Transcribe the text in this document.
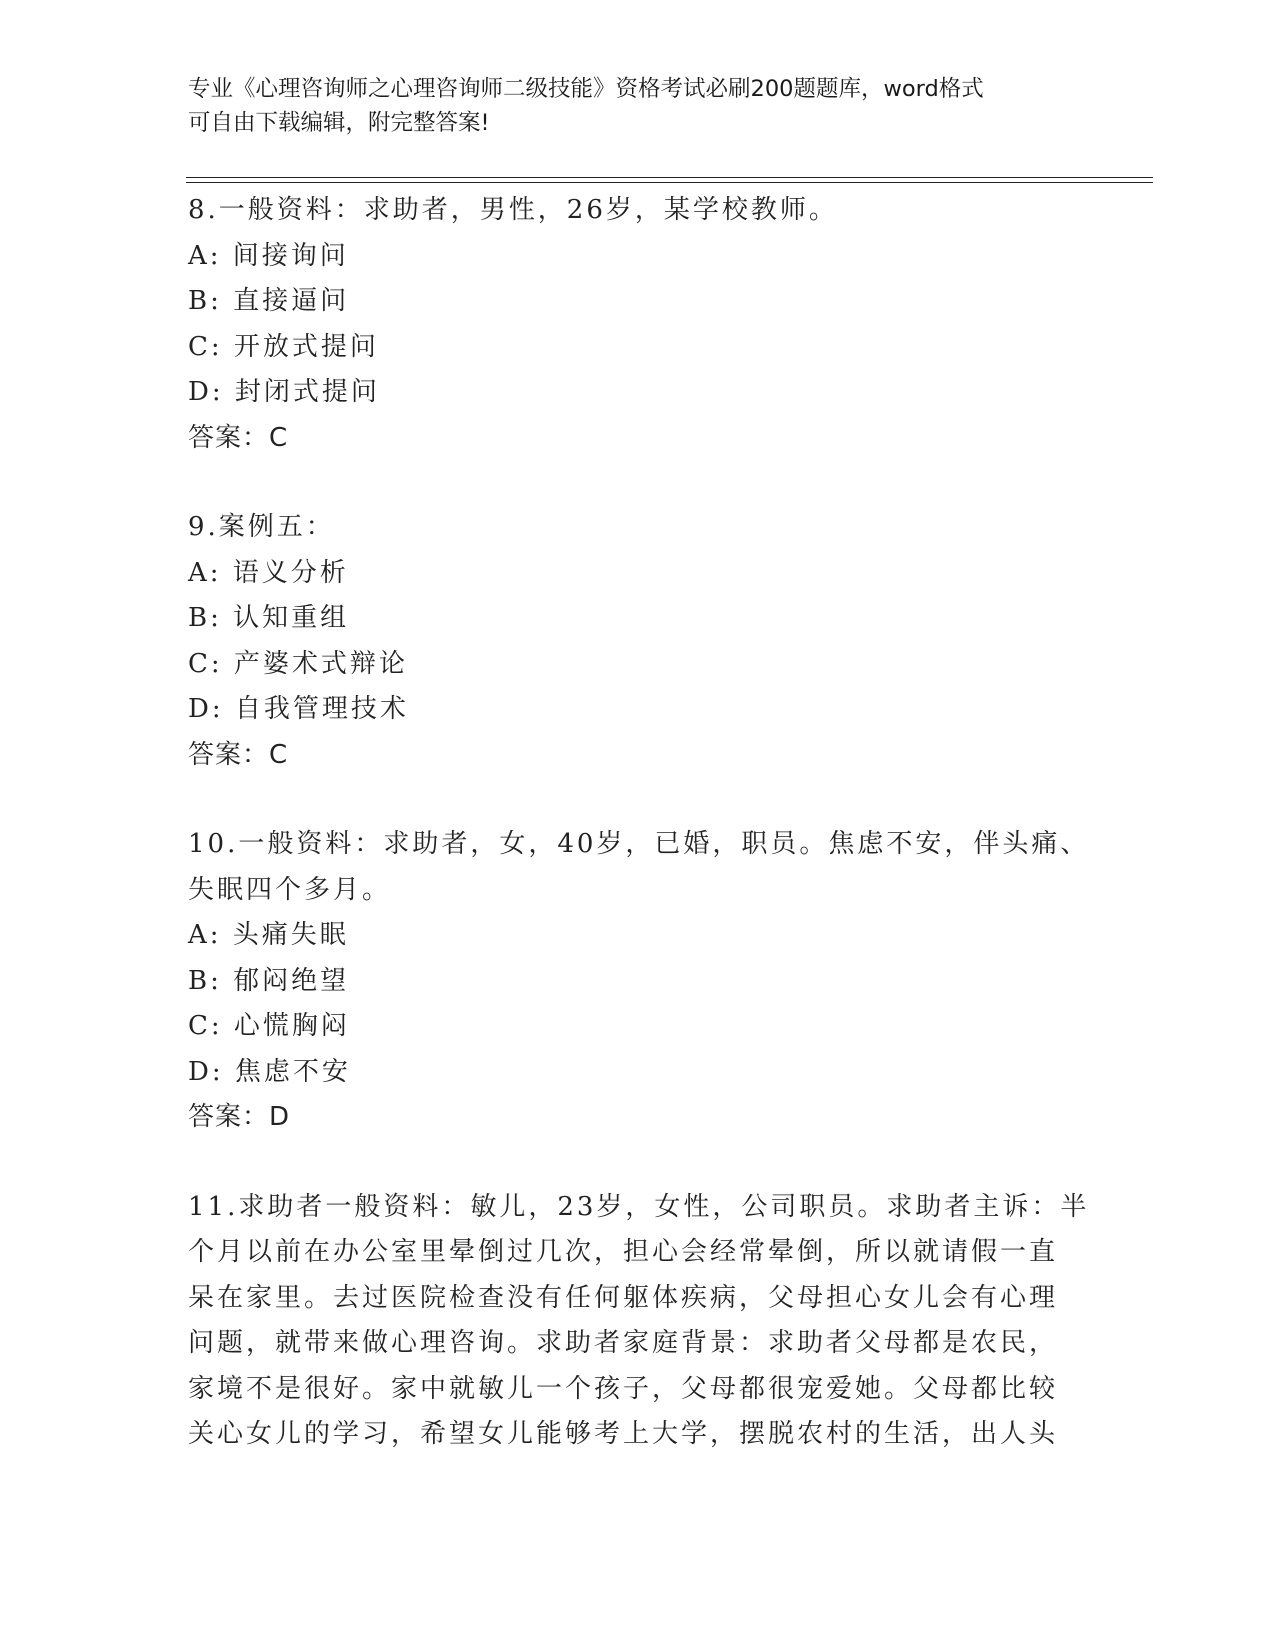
专业《心理咨询师之心理咨询师二级技能》资格考试必刷200题题库，word格式

可自由下载编辑，附完整答案!

8.一般资料：求助者，男性，26岁，某学校教师。
A: 间接询问
B: 直接逼问
C: 开放式提问
D: 封闭式提问
答案：C
9.案例五：
A: 语义分析
B: 认知重组
C: 产婆术式辩论
D: 自我管理技术
答案：C
10.一般资料：求助者，女，40岁，已婚，职员。焦虑不安，伴头痛、
失眠四个多月。
A: 头痛失眠
B: 郁闷绝望
C: 心慌胸闷
D: 焦虑不安
答案：D
11.求助者一般资料：敏儿，23岁，女性，公司职员。求助者主诉：半
个月以前在办公室里晕倒过几次，担心会经常晕倒，所以就请假一直
呆在家里。去过医院检查没有任何躯体疾病，父母担心女儿会有心理
问题，就带来做心理咨询。求助者家庭背景：求助者父母都是农民，
家境不是很好。家中就敏儿一个孩子，父母都很宠爱她。父母都比较
关心女儿的学习，希望女儿能够考上大学，摆脱农村的生活，出人头
